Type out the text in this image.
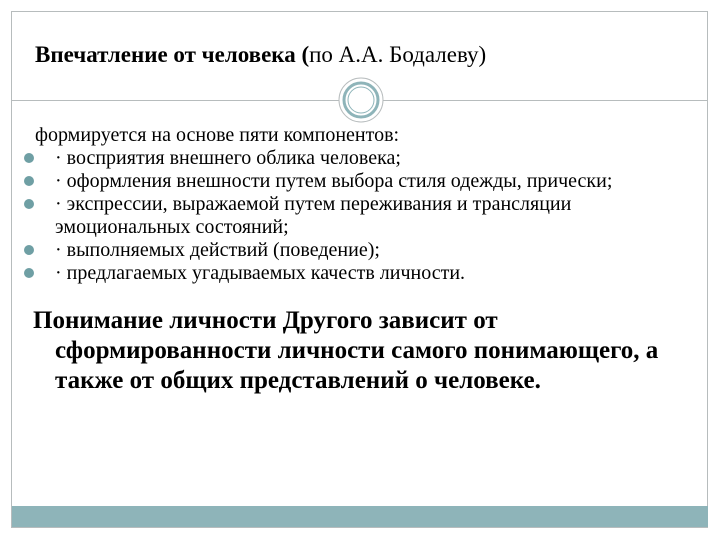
Впечатление от человека (по А.А. Бодалеву)

формируется на основе пяти компонентов:

· восприятия внешнего облика человека;
· оформления внешности путем выбора стиля одежды, прически;
· экспрессии, выражаемой путем переживания и трансляции эмоциональных состояний;
· выполняемых действий (поведение);
· предлагаемых угадываемых качеств личности.

Понимание личности Другого зависит от сформированности личности самого понимающего, а также от общих представлений о человеке.
